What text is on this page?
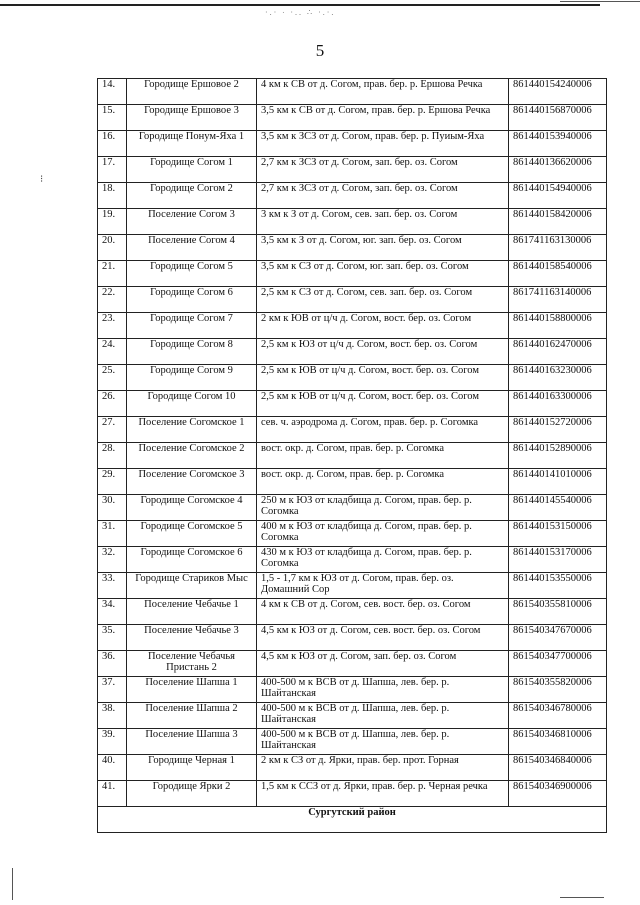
·.· ∙ ·.. ∴ ·.·.
5
14.	Городище Ершовое 2	4 км к СВ от д. Согом, прав. бер. р. Ершова Речка	861440154240006
15.	Городище Ершовое 3	3,5 км к СВ от д. Согом, прав. бер. р. Ершова Речка	861440156870006
16.	Городище Понум-Яха 1	3,5 км к ЗСЗ от д. Согом, прав. бер. р. Пуиым-Яха	861440153940006
17.	Городище Согом 1	2,7 км к ЗСЗ от д. Согом, зап. бер. оз. Согом	861440136620006
18.	Городище Согом 2	2,7 км к ЗСЗ от д. Согом, зап. бер. оз. Согом	861440154940006
19.	Поселение Согом 3	3 км к З от д. Согом, сев. зап. бер. оз. Согом	861440158420006
20.	Поселение Согом 4	3,5 км к З от д. Согом, юг. зап. бер. оз. Согом	861741163130006
21.	Городище Согом 5	3,5 км к СЗ от д. Согом, юг. зап. бер. оз. Согом	861440158540006
22.	Городище Согом 6	2,5 км к СЗ от д. Согом, сев. зап. бер. оз. Согом	861741163140006
23.	Городище Согом 7	2 км к ЮВ от ц/ч д. Согом, вост. бер. оз. Согом	861440158800006
24.	Городище Согом 8	2,5 км к ЮЗ от ц/ч д. Согом, вост. бер. оз. Согом	861440162470006
25.	Городище Согом 9	2,5 км к ЮВ от ц/ч д. Согом, вост. бер. оз. Согом	861440163230006
26.	Городище Согом 10	2,5 км к ЮВ от ц/ч д. Согом, вост. бер. оз. Согом	861440163300006
27.	Поселение Согомское 1	сев. ч. аэродрома д. Согом, прав. бер. р. Согомка	861440152720006
28.	Поселение Согомское 2	вост. окр. д. Согом, прав. бер. р. Согомка	861440152890006
29.	Поселение Согомское 3	вост. окр. д. Согом, прав. бер. р. Согомка	861440141010006
30.	Городище Согомское 4	250 м к ЮЗ от кладбища д. Согом, прав. бер. р. Согомка	861440145540006
31.	Городище Согомское 5	400 м к ЮЗ от кладбища д. Согом, прав. бер. р. Согомка	861440153150006
32.	Городище Согомское 6	430 м к ЮЗ от кладбища д. Согом, прав. бер. р. Согомка	861440153170006
33.	Городище Стариков Мыс	1,5 - 1,7 км к ЮЗ от д. Согом, прав. бер. оз. Домашний Сор	861440153550006
34.	Поселение Чебачье 1	4 км к СВ от д. Согом, сев. вост. бер. оз. Согом	861540355810006
35.	Поселение Чебачье 3	4,5 км к ЮЗ от д. Согом, сев. вост. бер. оз. Согом	861540347670006
36.	Поселение Чебачья Пристань 2	4,5 км к ЮЗ от д. Согом, зап. бер. оз. Согом	861540347700006
37.	Поселение Шапша 1	400-500 м к ВСВ от д. Шапша, лев. бер. р. Шайтанская	861540355820006
38.	Поселение Шапша 2	400-500 м к ВСВ от д. Шапша, лев. бер. р. Шайтанская	861540346780006
39.	Поселение Шапша 3	400-500 м к ВСВ от д. Шапша, лев. бер. р. Шайтанская	861540346810006
40.	Городище Черная 1	2 км к СЗ от д. Ярки, прав. бер. прот. Горная	861540346840006
41.	Городище Ярки 2	1,5 км к ССЗ от д. Ярки, прав. бер. р. Черная речка	861540346900006
Сургутский район			
⁝
